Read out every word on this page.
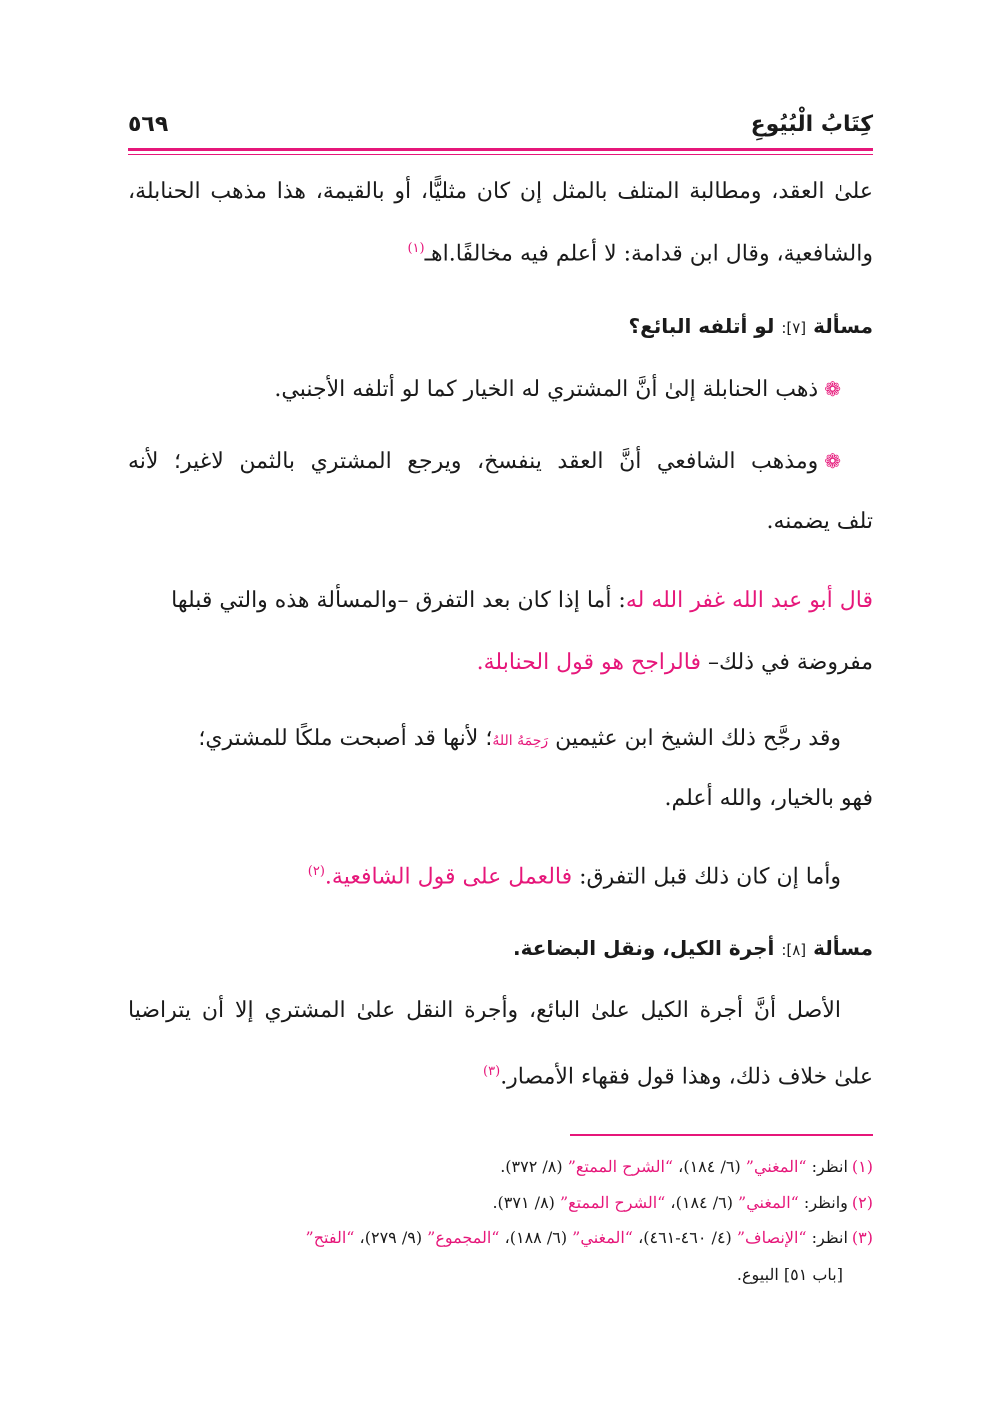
كِتَابُ الْبُيُوعِ
٥٦٩
علىٰ العقد، ومطالبة المتلف بالمثل إن كان مثليًّا، أو بالقيمة، هذا مذهب الحنابلة،
والشافعية، وقال ابن قدامة: لا أعلم فيه مخالفًا.اهـ$^{(١)}$
مسألة [٧]: لو أتلفه البائع؟
❁ذهب الحنابلة إلىٰ أنَّ المشتري له الخيار كما لو أتلفه الأجنبي.
❁ومذهب الشافعي أنَّ العقد ينفسخ، ويرجع المشتري بالثمن لاغير؛ لأنه
تلف يضمنه.
قال أبو عبد الله غفر الله له: أما إذا كان بعد التفرق –والمسألة هذه والتي قبلها
مفروضة في ذلك– فالراجح هو قول الحنابلة.
وقد رجَّح ذلك الشيخ ابن عثيمين رَحِمَهُ اللهُ؛ لأنها قد أصبحت ملكًا للمشتري؛
فهو بالخيار، والله أعلم.
وأما إن كان ذلك قبل التفرق: فالعمل على قول الشافعية.$^{(٢)}$
مسألة [٨]: أجرة الكيل، ونقل البضاعة.
الأصل أنَّ أجرة الكيل علىٰ البائع، وأجرة النقل علىٰ المشتري إلا أن يتراضيا
علىٰ خلاف ذلك، وهذا قول فقهاء الأمصار.$^{(٣)}$
(١)انظر: “المغني” (٦/ ١٨٤)، “الشرح الممتع” (٨/ ٣٧٢).
(٢)وانظر: “المغني” (٦/ ١٨٤)، “الشرح الممتع” (٨/ ٣٧١).
(٣)انظر: “الإنصاف” (٤/ ٤٦٠-٤٦١)، “المغني” (٦/ ١٨٨)، “المجموع” (٩/ ٢٧٩)، “الفتح”
[باب ٥١] البيوع.
